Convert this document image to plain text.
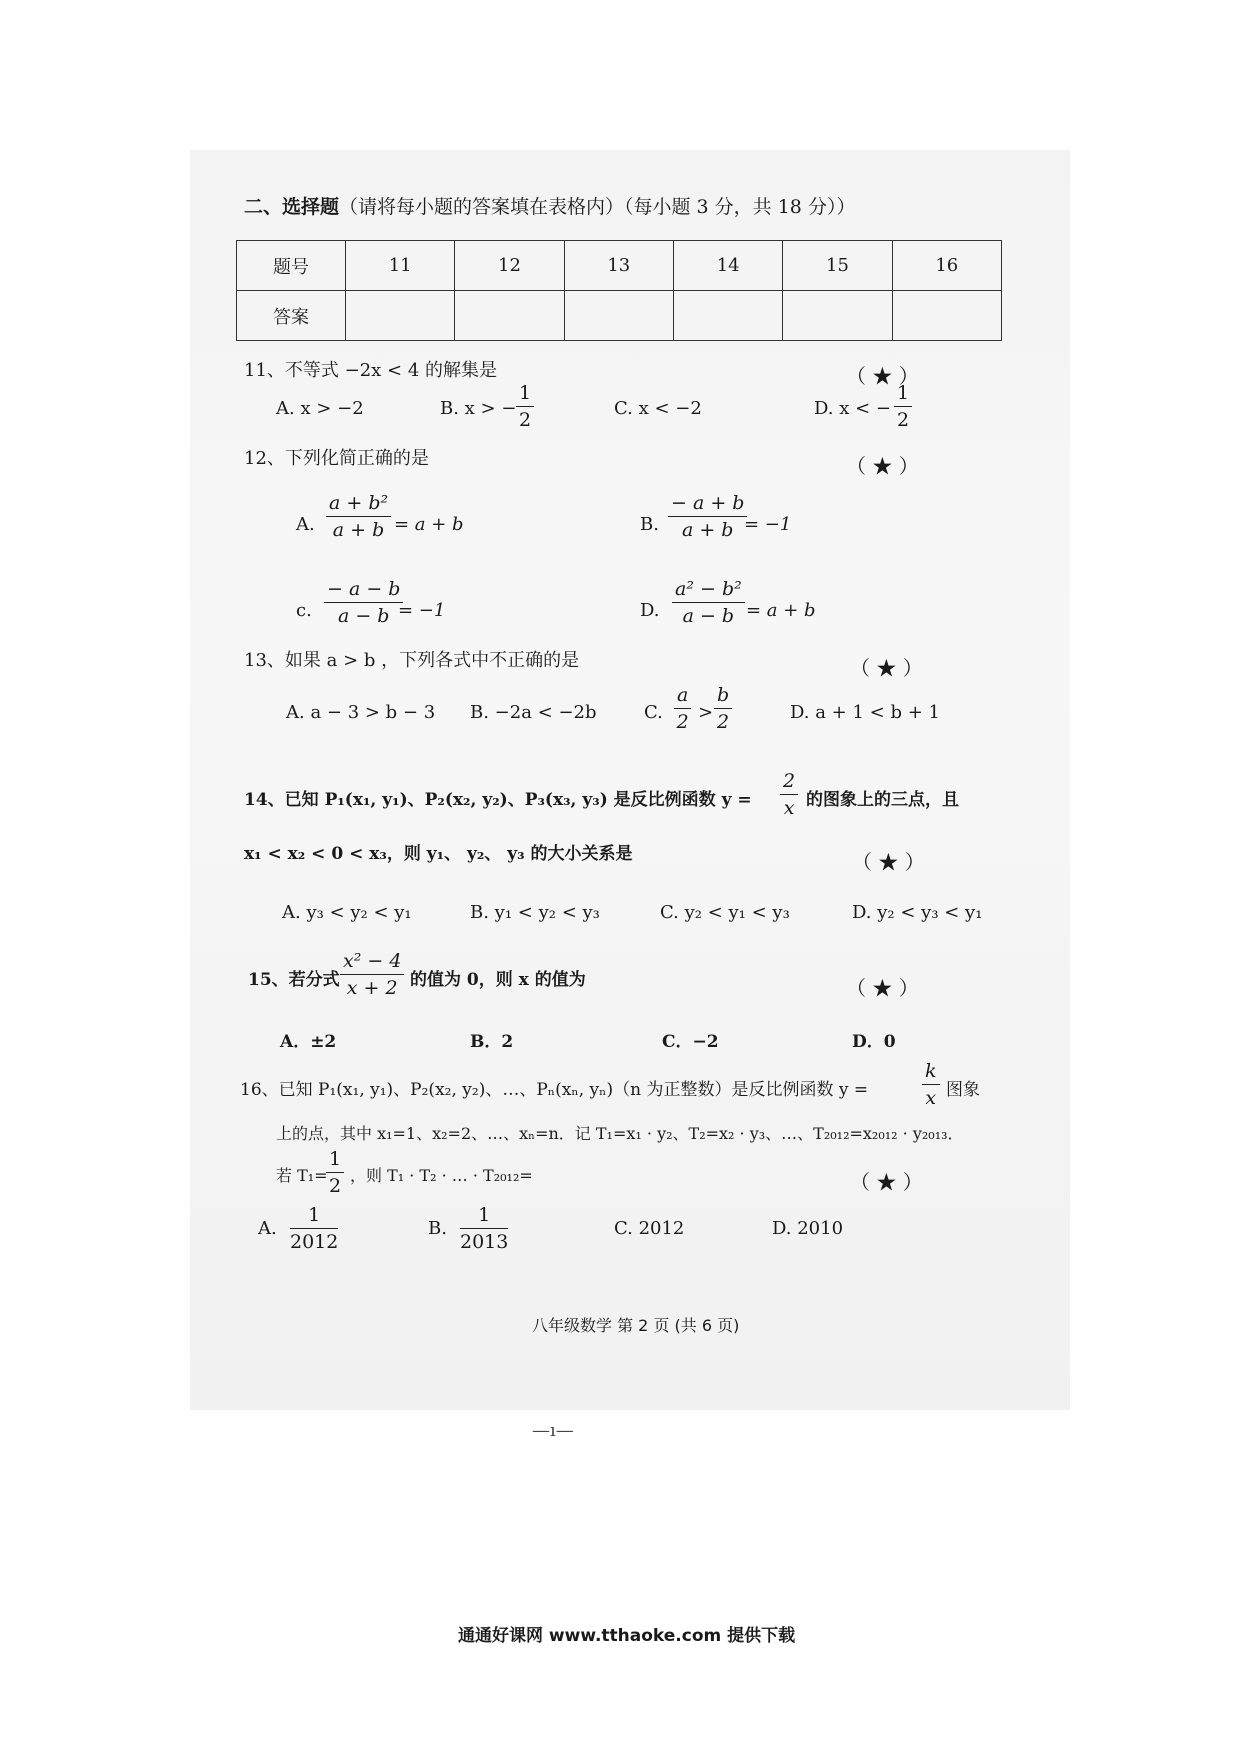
二、选择题（请将每小题的答案填在表格内）（每小题 3 分，共 18 分））
题号	11	12	13	14	15	16
答案						
11、不等式 −2x < 4 的解集是	（ ★ ）
A. x > −2	B. x > −
1
2
C. x < −2	D. x < −
1
2
12、下列化简正确的是	（ ★ ）
A.
a + b²
a + b = a + b	B.
− a + b
a + b = −1
c.
− a − b
a − b = −1	D.
a² − b²
a − b = a + b
13、如果 a > b ，下列各式中不正确的是	（ ★ ）
A. a − 3 > b − 3 B. −2a < −2b	C.
a
2 >
b
2	D. a + 1 < b + 1
14、已知 P₁(x₁, y₁)、P₂(x₂, y₂)、P₃(x₃, y₃) 是反比例函数 y =
2
x 的图象上的三点，且
x₁ < x₂ < 0 < x₃，则 y₁、 y₂、 y₃ 的大小关系是	（ ★ ）
A. y₃ < y₂ < y₁	B. y₁ < y₂ < y₃	C. y₂ < y₁ < y₃	D. y₂ < y₃ < y₁
15、若分式
x² − 4
x + 2 的值为 0，则 x 的值为	（ ★ ）
A．±2	B．2	C．−2	D．0
16、已知 P₁(x₁, y₁)、P₂(x₂, y₂)、…、Pₙ(xₙ, yₙ)（n 为正整数）是反比例函数 y =
k
x 图象
上的点，其中 x₁=1、x₂=2、…、xₙ=n．记 T₁=x₁ · y₂、T₂=x₂ · y₃、…、T₂₀₁₂=x₂₀₁₂ · y₂₀₁₃．
若 T₁=
1
2 ，则 T₁ · T₂ · … · T₂₀₁₂=	（ ★ ）
A.
1
2012
B.
1
2013
C. 2012	D. 2010
八年级数学 第 2 页 (共 6 页)
—ı—
通通好课网 www.tthaoke.com 提供下载
